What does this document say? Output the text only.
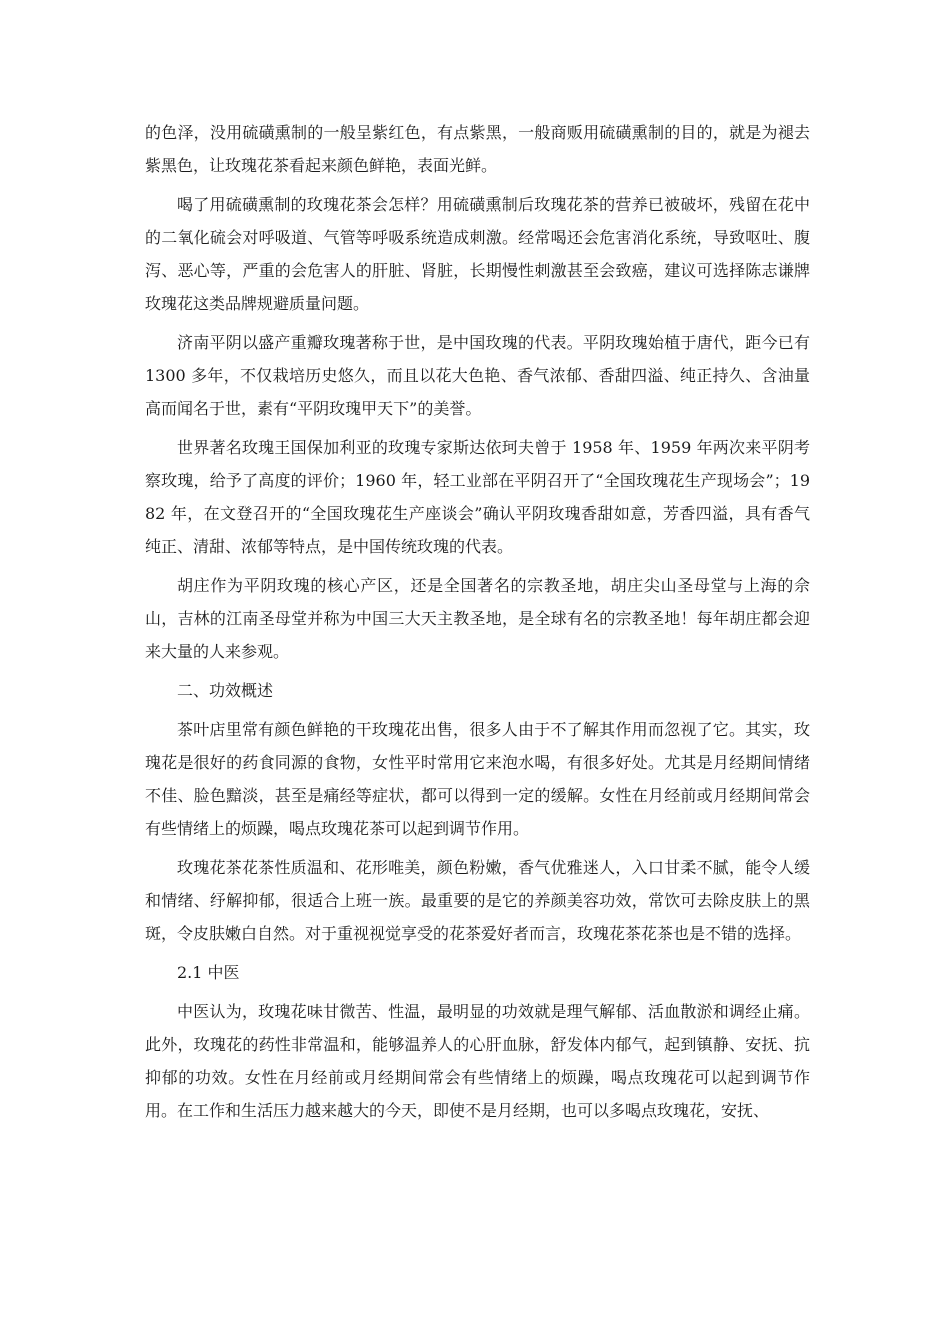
的色泽，没用硫磺熏制的一般呈紫红色，有点紫黑，一般商贩用硫磺熏制的目的，就是为褪去紫黑色，让玫瑰花茶看起来颜色鲜艳，表面光鲜。

喝了用硫磺熏制的玫瑰花茶会怎样？用硫磺熏制后玫瑰花茶的营养已被破坏，残留在花中的二氧化硫会对呼吸道、气管等呼吸系统造成刺激。经常喝还会危害消化系统，导致呕吐、腹泻、恶心等，严重的会危害人的肝脏、肾脏，长期慢性刺激甚至会致癌，建议可选择陈志谦牌玫瑰花这类品牌规避质量问题。

济南平阴以盛产重瓣玫瑰著称于世，是中国玫瑰的代表。平阴玫瑰始植于唐代，距今已有 1300 多年，不仅栽培历史悠久，而且以花大色艳、香气浓郁、香甜四溢、纯正持久、含油量高而闻名于世，素有“平阴玫瑰甲天下”的美誉。

世界著名玫瑰王国保加利亚的玫瑰专家斯达依珂夫曾于 1958 年、1959 年两次来平阴考察玫瑰，给予了高度的评价；1960 年，轻工业部在平阴召开了“全国玫瑰花生产现场会”；1982 年，在文登召开的“全国玫瑰花生产座谈会”确认平阴玫瑰香甜如意，芳香四溢，具有香气纯正、清甜、浓郁等特点，是中国传统玫瑰的代表。

胡庄作为平阴玫瑰的核心产区，还是全国著名的宗教圣地，胡庄尖山圣母堂与上海的佘山，吉林的江南圣母堂并称为中国三大天主教圣地，是全球有名的宗教圣地！每年胡庄都会迎来大量的人来参观。

二、功效概述

茶叶店里常有颜色鲜艳的干玫瑰花出售，很多人由于不了解其作用而忽视了它。其实，玫瑰花是很好的药食同源的食物，女性平时常用它来泡水喝，有很多好处。尤其是月经期间情绪不佳、脸色黯淡，甚至是痛经等症状，都可以得到一定的缓解。女性在月经前或月经期间常会有些情绪上的烦躁，喝点玫瑰花茶可以起到调节作用。

玫瑰花茶花茶性质温和、花形唯美，颜色粉嫩，香气优雅迷人，入口甘柔不腻，能令人缓和情绪、纾解抑郁，很适合上班一族。最重要的是它的养颜美容功效，常饮可去除皮肤上的黑斑，令皮肤嫩白自然。对于重视视觉享受的花茶爱好者而言，玫瑰花茶花茶也是不错的选择。

2.1 中医

中医认为，玫瑰花味甘微苦、性温，最明显的功效就是理气解郁、活血散淤和调经止痛。此外，玫瑰花的药性非常温和，能够温养人的心肝血脉，舒发体内郁气，起到镇静、安抚、抗抑郁的功效。女性在月经前或月经期间常会有些情绪上的烦躁，喝点玫瑰花可以起到调节作用。在工作和生活压力越来越大的今天，即使不是月经期，也可以多喝点玫瑰花，安抚、
